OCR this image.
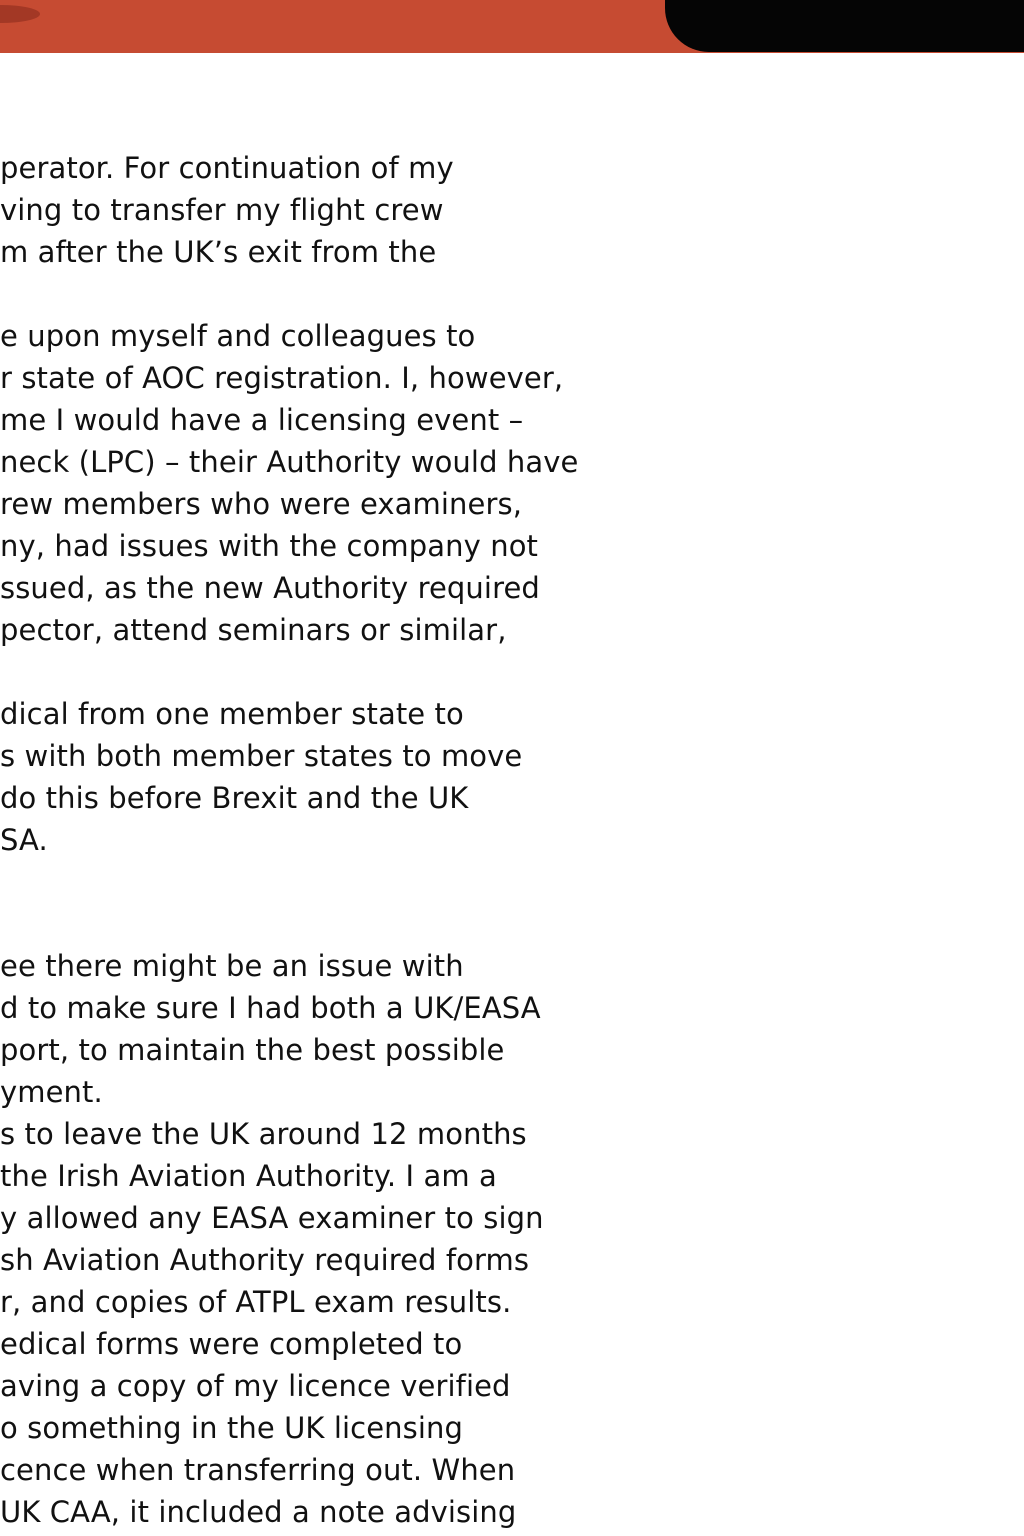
perator. For continuation of my
ving to transfer my flight crew
m after the UK’s exit from the
e upon myself and colleagues to
r state of AOC registration. I, however,
me I would have a licensing event –
neck (LPC) – their Authority would have
rew members who were examiners,
ny, had issues with the company not
ssued, as the new Authority required
pector, attend seminars or similar,
dical from one member state to
s with both member states to move
do this before Brexit and the UK
SA.
ee there might be an issue with
d to make sure I had both a UK/EASA
port, to maintain the best possible
yment.
s to leave the UK around 12 months
the Irish Aviation Authority. I am a
y allowed any EASA examiner to sign
sh Aviation Authority required forms
r, and copies of ATPL exam results.
edical forms were completed to
aving a copy of my licence verified
o something in the UK licensing
cence when transferring out. When
UK CAA, it included a note advising
